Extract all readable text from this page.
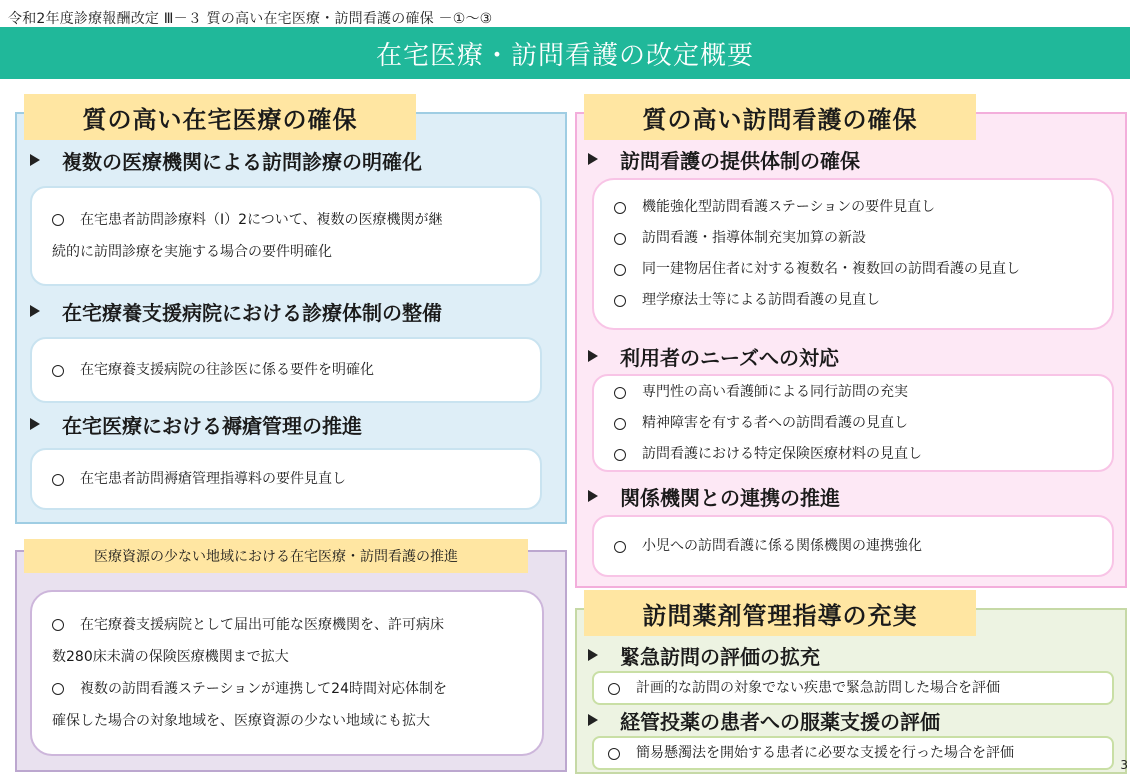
令和2年度診療報酬改定 Ⅲ－３ 質の高い在宅医療・訪問看護の確保 －①～③
在宅医療・訪問看護の改定概要
質の高い在宅医療の確保
複数の医療機関による訪問診療の明確化
在宅患者訪問診療料（Ⅰ）2について、複数の医療機関が継
続的に訪問診療を実施する場合の要件明確化
在宅療養支援病院における診療体制の整備
在宅療養支援病院の往診医に係る要件を明確化
在宅医療における褥瘡管理の推進
在宅患者訪問褥瘡管理指導料の要件見直し
医療資源の少ない地域における在宅医療・訪問看護の推進
在宅療養支援病院として届出可能な医療機関を、許可病床
数280床未満の保険医療機関まで拡大
複数の訪問看護ステーションが連携して24時間対応体制を
確保した場合の対象地域を、医療資源の少ない地域にも拡大
質の高い訪問看護の確保
訪問看護の提供体制の確保
機能強化型訪問看護ステーションの要件見直し
訪問看護・指導体制充実加算の新設
同一建物居住者に対する複数名・複数回の訪問看護の見直し
理学療法士等による訪問看護の見直し
利用者のニーズへの対応
専門性の高い看護師による同行訪問の充実
精神障害を有する者への訪問看護の見直し
訪問看護における特定保険医療材料の見直し
関係機関との連携の推進
小児への訪問看護に係る関係機関の連携強化
訪問薬剤管理指導の充実
緊急訪問の評価の拡充
計画的な訪問の対象でない疾患で緊急訪問した場合を評価
経管投薬の患者への服薬支援の評価
簡易懸濁法を開始する患者に必要な支援を行った場合を評価
3
